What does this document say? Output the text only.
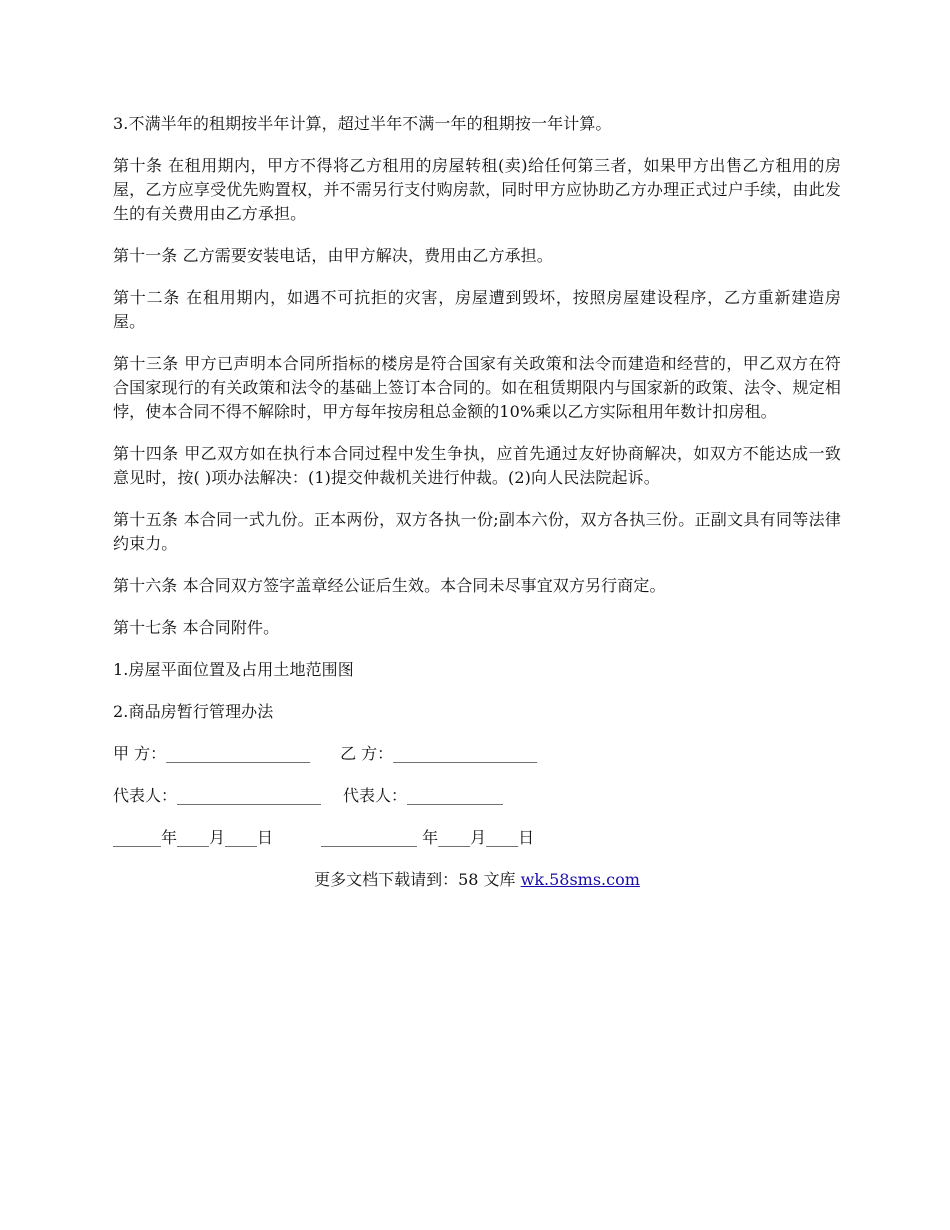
3.不满半年的租期按半年计算，超过半年不满一年的租期按一年计算。

第十条 在租用期内，甲方不得将乙方租用的房屋转租(卖)给任何第三者，如果甲方出售乙方租用的房屋，乙方应享受优先购置权，并不需另行支付购房款，同时甲方应协助乙方办理正式过户手续，由此发生的有关费用由乙方承担。

第十一条 乙方需要安装电话，由甲方解决，费用由乙方承担。

第十二条 在租用期内，如遇不可抗拒的灾害，房屋遭到毁坏，按照房屋建设程序，乙方重新建造房屋。

第十三条 甲方已声明本合同所指标的楼房是符合国家有关政策和法令而建造和经营的，甲乙双方在符合国家现行的有关政策和法令的基础上签订本合同的。如在租赁期限内与国家新的政策、法令、规定相悖，使本合同不得不解除时，甲方每年按房租总金额的10%乘以乙方实际租用年数计扣房租。

第十四条 甲乙双方如在执行本合同过程中发生争执，应首先通过友好协商解决，如双方不能达成一致意见时，按( )项办法解决：(1)提交仲裁机关进行仲裁。(2)向人民法院起诉。

第十五条 本合同一式九份。正本两份，双方各执一份;副本六份，双方各执三份。正副文具有同等法律约束力。

第十六条 本合同双方签字盖章经公证后生效。本合同未尽事宜双方另行商定。

第十七条 本合同附件。

1.房屋平面位置及占用土地范围图

2.商品房暂行管理办法

甲 方：__________________ 乙 方：__________________
代表人：__________________ 代表人：____________
______年____月____日	____________ 年____月____日
更多文档下载请到：58 文库 wk.58sms.com
